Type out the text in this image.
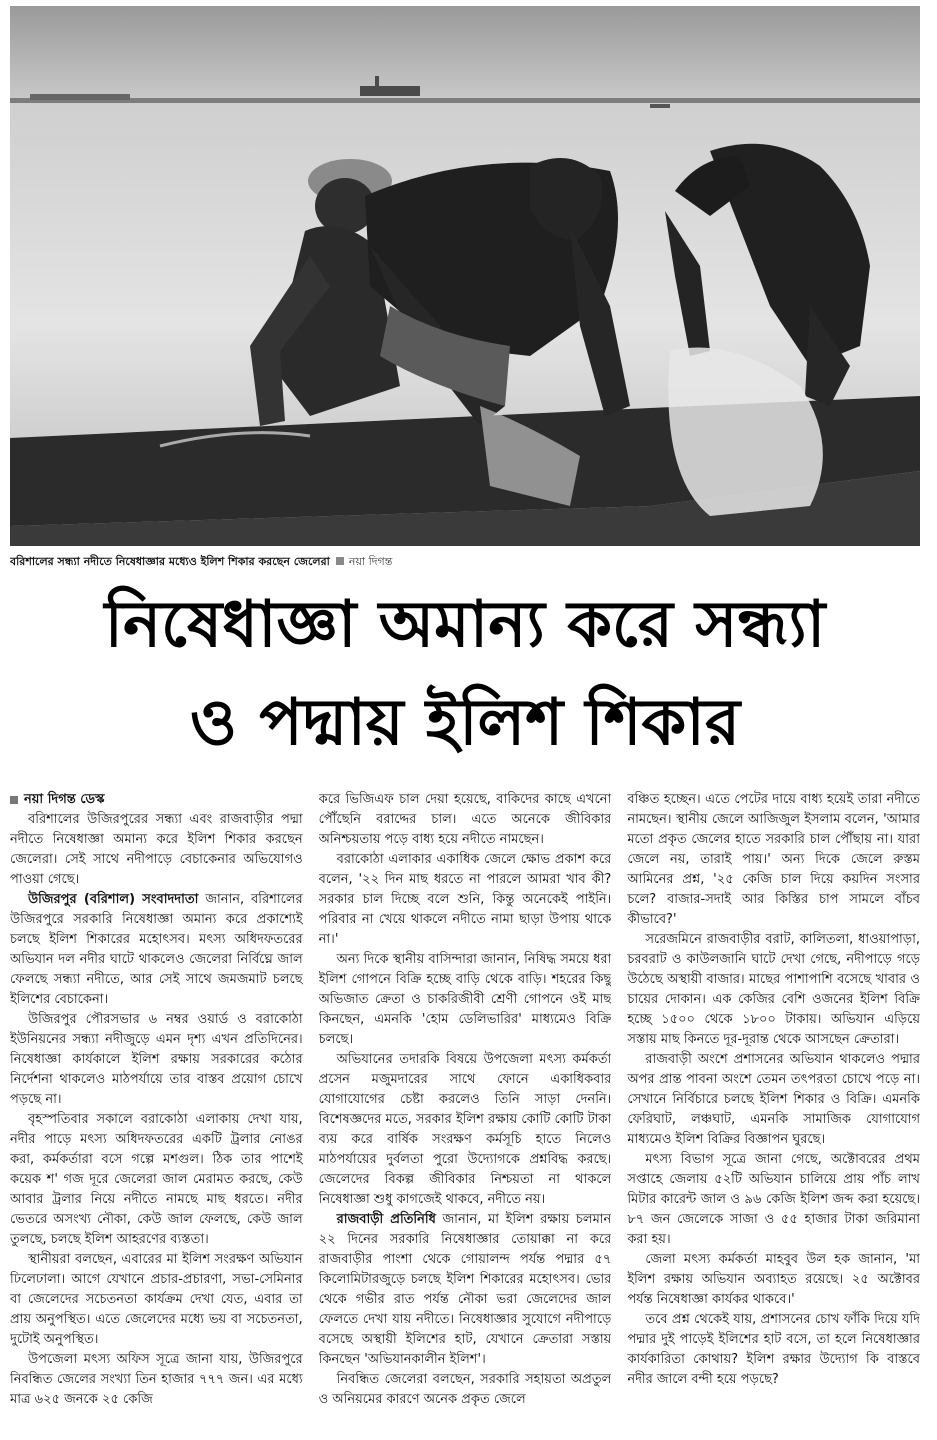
বরিশালের সন্ধ্যা নদীতে নিষেধাজ্ঞার মধ্যেও ইলিশ শিকার করছেন জেলেরা নয়া দিগন্ত
নিষেধাজ্ঞা অমান্য করে সন্ধ্যা
ও পদ্মায় ইলিশ শিকার
নয়া দিগন্ত ডেস্ক

বরিশালের উজিরপুরের সন্ধ্যা এবং রাজবাড়ীর পদ্মা নদীতে নিষেধাজ্ঞা অমান্য করে ইলিশ শিকার করছেন জেলেরা। সেই সাথে নদীপাড়ে বেচাকেনার অভিযোগও পাওয়া গেছে।

উজিরপুর (বরিশাল) সংবাদদাতা জানান, বরিশালের উজিরপুরে সরকারি নিষেধাজ্ঞা অমান্য করে প্রকাশ্যেই চলছে ইলিশ শিকারের মহোৎসব। মৎস্য অধিদফতরের অভিযান দল নদীর ঘাটে থাকলেও জেলেরা নির্বিঘ্নে জাল ফেলছে সন্ধ্যা নদীতে, আর সেই সাথে জমজমাট চলছে ইলিশের বেচাকেনা।

উজিরপুর পৌরসভার ৬ নম্বর ওয়ার্ড ও বরাকোঠা ইউনিয়নের সন্ধ্যা নদীজুড়ে এমন দৃশ্য এখন প্রতিদিনের। নিষেধাজ্ঞা কার্যকালে ইলিশ রক্ষায় সরকারের কঠোর নির্দেশনা থাকলেও মাঠপর্যায়ে তার বাস্তব প্রয়োগ চোখে পড়ছে না।

বৃহস্পতিবার সকালে বরাকোঠা এলাকায় দেখা যায়, নদীর পাড়ে মৎস্য অধিদফতরের একটি ট্রলার নোঙর করা, কর্মকর্তারা বসে গল্পে মশগুল। ঠিক তার পাশেই কয়েক শ' গজ দূরে জেলেরা জাল মেরামত করছে, কেউ আবার ট্রলার নিয়ে নদীতে নামছে মাছ ধরতে। নদীর ভেতরে অসংখ্য নৌকা, কেউ জাল ফেলছে, কেউ জাল তুলছে, চলছে ইলিশ আহরণের ব্যস্ততা।

স্থানীয়রা বলছেন, এবারের মা ইলিশ সংরক্ষণ অভিযান ঢিলেঢালা। আগে যেখানে প্রচার-প্রচারণা, সভা-সেমিনার বা জেলেদের সচেতনতা কার্যক্রম দেখা যেত, এবার তা প্রায় অনুপস্থিত। এতে জেলেদের মধ্যে ভয় বা সচেতনতা, দুটোই অনুপস্থিত।

উপজেলা মৎস্য অফিস সূত্রে জানা যায়, উজিরপুরে নিবন্ধিত জেলের সংখ্যা তিন হাজার ৭৭৭ জন। এর মধ্যে মাত্র ৬২৫ জনকে ২৫ কেজি

করে ভিজিএফ চাল দেয়া হয়েছে, বাকিদের কাছে এখনো পৌঁছেনি বরাদ্দের চাল। এতে অনেকে জীবিকার অনিশ্চয়তায় পড়ে বাধ্য হয়ে নদীতে নামছেন।

বরাকোঠা এলাকার একাধিক জেলে ক্ষোভ প্রকাশ করে বলেন, '২২ দিন মাছ ধরতে না পারলে আমরা খাব কী? সরকার চাল দিচ্ছে বলে শুনি, কিন্তু অনেকেই পাইনি। পরিবার না খেয়ে থাকলে নদীতে নামা ছাড়া উপায় থাকে না।'

অন্য দিকে স্থানীয় বাসিন্দারা জানান, নিষিদ্ধ সময়ে ধরা ইলিশ গোপনে বিক্রি হচ্ছে বাড়ি থেকে বাড়ি। শহরের কিছু অভিজাত ক্রেতা ও চাকরিজীবী শ্রেণী গোপনে ওই মাছ কিনছেন, এমনকি 'হোম ডেলিভারির' মাধ্যমেও বিক্রি চলছে।

অভিযানের তদারকি বিষয়ে উপজেলা মৎস্য কর্মকর্তা প্রসেন মজুমদারের সাথে ফোনে একাধিকবার যোগাযোগের চেষ্টা করলেও তিনি সাড়া দেননি। বিশেষজ্ঞদের মতে, সরকার ইলিশ রক্ষায় কোটি কোটি টাকা ব্যয় করে বার্ষিক সংরক্ষণ কর্মসূচি হাতে নিলেও মাঠপর্যায়ের দুর্বলতা পুরো উদ্যোগকে প্রশ্নবিদ্ধ করছে। জেলেদের বিকল্প জীবিকার নিশ্চয়তা না থাকলে নিষেধাজ্ঞা শুধু কাগজেই থাকবে, নদীতে নয়।

রাজবাড়ী প্রতিনিধি জানান, মা ইলিশ রক্ষায় চলমান ২২ দিনের সরকারি নিষেধাজ্ঞার তোয়াক্কা না করে রাজবাড়ীর পাংশা থেকে গোয়ালন্দ পর্যন্ত পদ্মার ৫৭ কিলোমিটারজুড়ে চলছে ইলিশ শিকারের মহোৎসব। ভোর থেকে গভীর রাত পর্যন্ত নৌকা ভরা জেলেদের জাল ফেলতে দেখা যায় নদীতে। নিষেধাজ্ঞার সুযোগে নদীপাড়ে বসেছে অস্থায়ী ইলিশের হাট, যেখানে ক্রেতারা সস্তায় কিনছেন 'অভিযানকালীন ইলিশ'।

নিবন্ধিত জেলেরা বলছেন, সরকারি সহায়তা অপ্রতুল ও অনিয়মের কারণে অনেক প্রকৃত জেলে

বঞ্চিত হচ্ছেন। এতে পেটের দায়ে বাধ্য হয়েই তারা নদীতে নামছেন। স্থানীয় জেলে আজিজুল ইসলাম বলেন, 'আমার মতো প্রকৃত জেলের হাতে সরকারি চাল পৌঁছায় না। যারা জেলে নয়, তারাই পায়।' অন্য দিকে জেলে রুস্তম আমিনের প্রশ্ন, '২৫ কেজি চাল দিয়ে কয়দিন সংসার চলে? বাজার-সদাই আর কিস্তির চাপ সামলে বাঁচব কীভাবে?'

সরেজমিনে রাজবাড়ীর বরাট, কালিতলা, ধাওয়াপাড়া, চরবরাট ও কাউলজানি ঘাটে দেখা গেছে, নদীপাড়ে গড়ে উঠেছে অস্থায়ী বাজার। মাছের পাশাপাশি বসেছে খাবার ও চায়ের দোকান। এক কেজির বেশি ওজনের ইলিশ বিক্রি হচ্ছে ১৫০০ থেকে ১৮০০ টাকায়। অভিযান এড়িয়ে সস্তায় মাছ কিনতে দূর-দূরান্ত থেকে আসছেন ক্রেতারা।

রাজবাড়ী অংশে প্রশাসনের অভিযান থাকলেও পদ্মার অপর প্রান্ত পাবনা অংশে তেমন তৎপরতা চোখে পড়ে না। সেখানে নির্বিচারে চলছে ইলিশ শিকার ও বিক্রি। এমনকি ফেরিঘাট, লঞ্চঘাট, এমনকি সামাজিক যোগাযোগ মাধ্যমেও ইলিশ বিক্রির বিজ্ঞাপন ঘুরছে।

মৎস্য বিভাগ সূত্রে জানা গেছে, অক্টোবরের প্রথম সপ্তাহে জেলায় ৫২টি অভিযান চালিয়ে প্রায় পাঁচ লাখ মিটার কারেন্ট জাল ও ৯৬ কেজি ইলিশ জব্দ করা হয়েছে। ৮৭ জন জেলেকে সাজা ও ৫৫ হাজার টাকা জরিমানা করা হয়।

জেলা মৎস্য কর্মকর্তা মাহবুব উল হক জানান, 'মা ইলিশ রক্ষায় অভিযান অব্যাহত রয়েছে। ২৫ অক্টোবর পর্যন্ত নিষেধাজ্ঞা কার্যকর থাকবে।'

তবে প্রশ্ন থেকেই যায়, প্রশাসনের চোখ ফাঁকি দিয়ে যদি পদ্মার দুই পাড়েই ইলিশের হাট বসে, তা হলে নিষেধাজ্ঞার কার্যকারিতা কোথায়? ইলিশ রক্ষার উদ্যোগ কি বাস্তবে নদীর জালে বন্দী হয়ে পড়ছে?
